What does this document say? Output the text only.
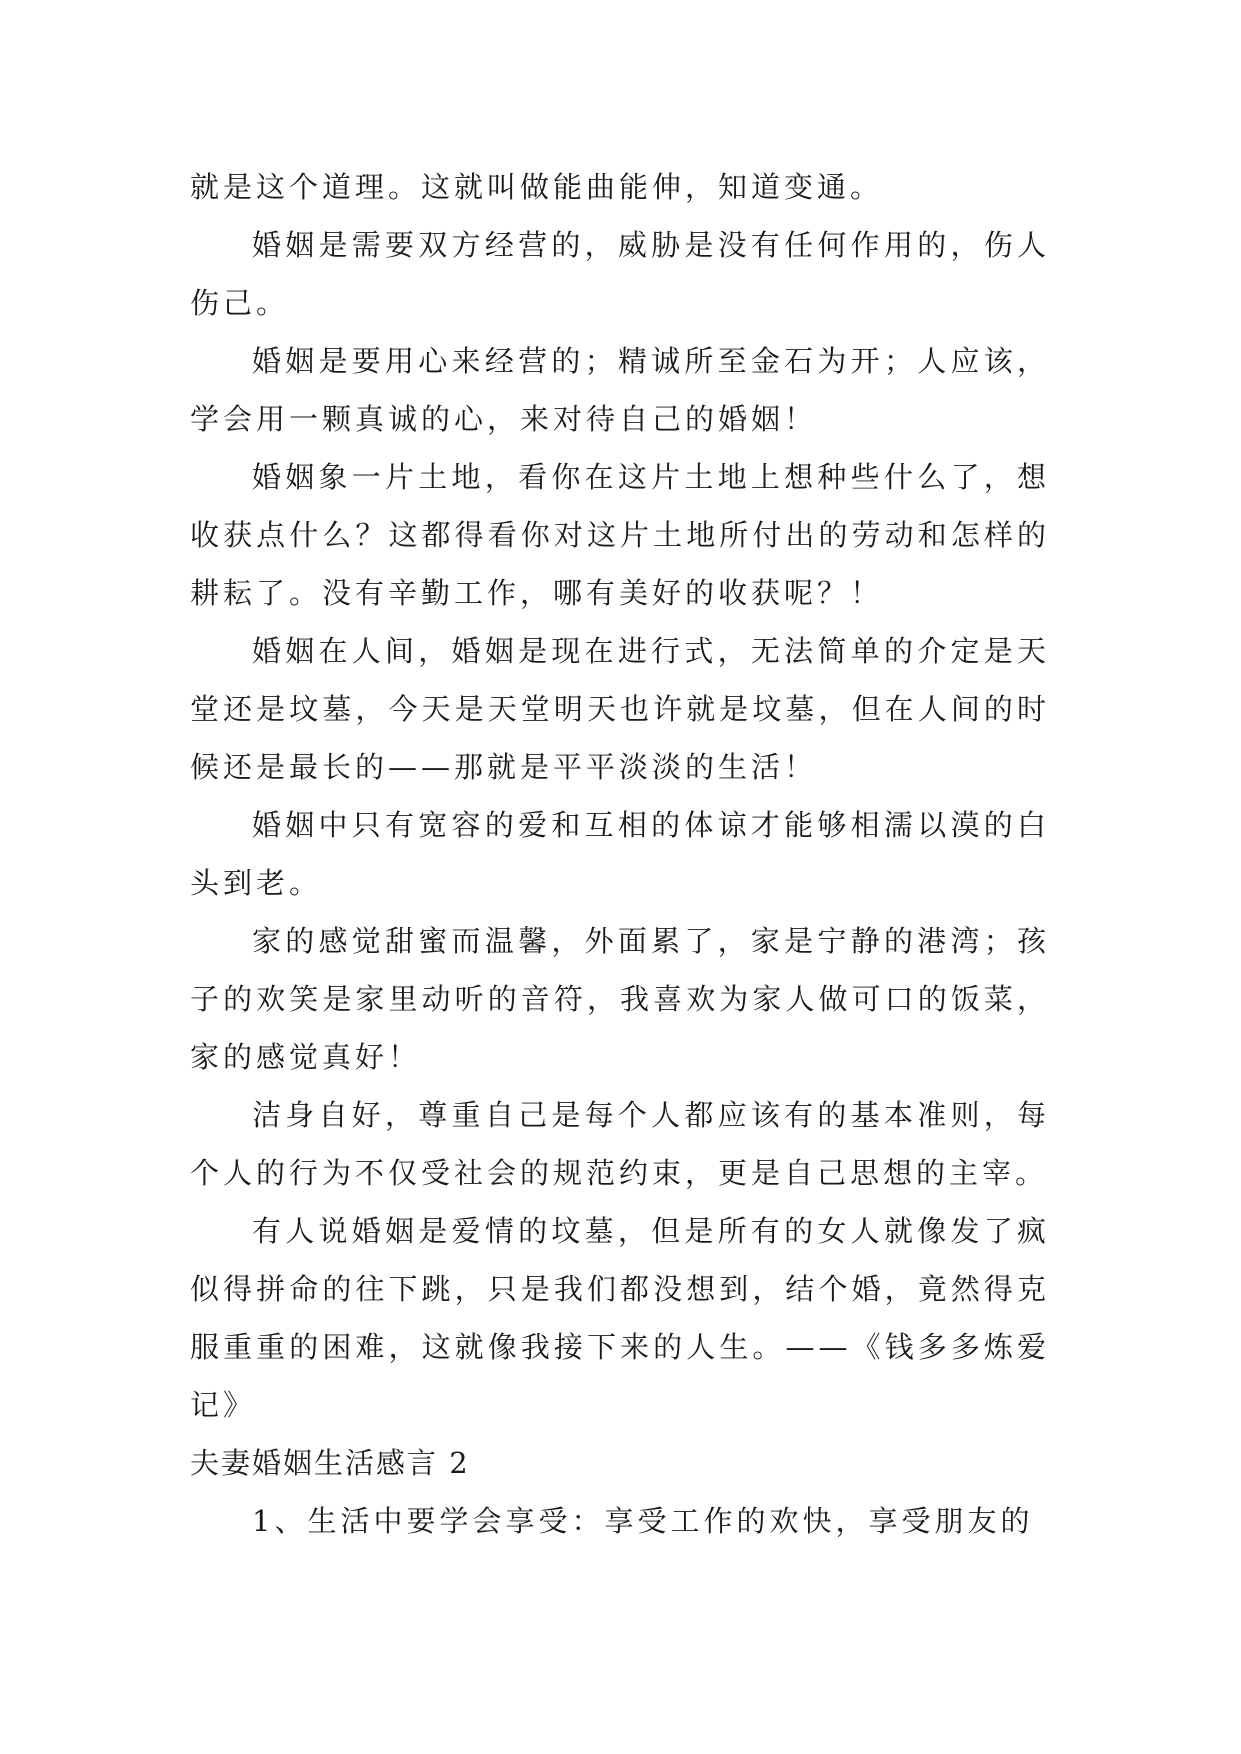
就是这个道理。这就叫做能曲能伸，知道变通。

婚姻是需要双方经营的，威胁是没有任何作用的，伤人伤己。

婚姻是要用心来经营的；精诚所至金石为开；人应该，学会用一颗真诚的心，来对待自己的婚姻！

婚姻象一片土地，看你在这片土地上想种些什么了，想收获点什么？这都得看你对这片土地所付出的劳动和怎样的耕耘了。没有辛勤工作，哪有美好的收获呢？！

婚姻在人间，婚姻是现在进行式，无法简单的介定是天堂还是坟墓，今天是天堂明天也许就是坟墓，但在人间的时候还是最长的——那就是平平淡淡的生活！

婚姻中只有宽容的爱和互相的体谅才能够相濡以漠的白头到老。

家的感觉甜蜜而温馨，外面累了，家是宁静的港湾；孩子的欢笑是家里动听的音符，我喜欢为家人做可口的饭菜，家的感觉真好！

洁身自好，尊重自己是每个人都应该有的基本准则，每个人的行为不仅受社会的规范约束，更是自己思想的主宰。

有人说婚姻是爱情的坟墓，但是所有的女人就像发了疯似得拼命的往下跳，只是我们都没想到，结个婚，竟然得克服重重的困难，这就像我接下来的人生。——《钱多多炼爱记》

夫妻婚姻生活感言 2

1、生活中要学会享受：享受工作的欢快，享受朋友的
